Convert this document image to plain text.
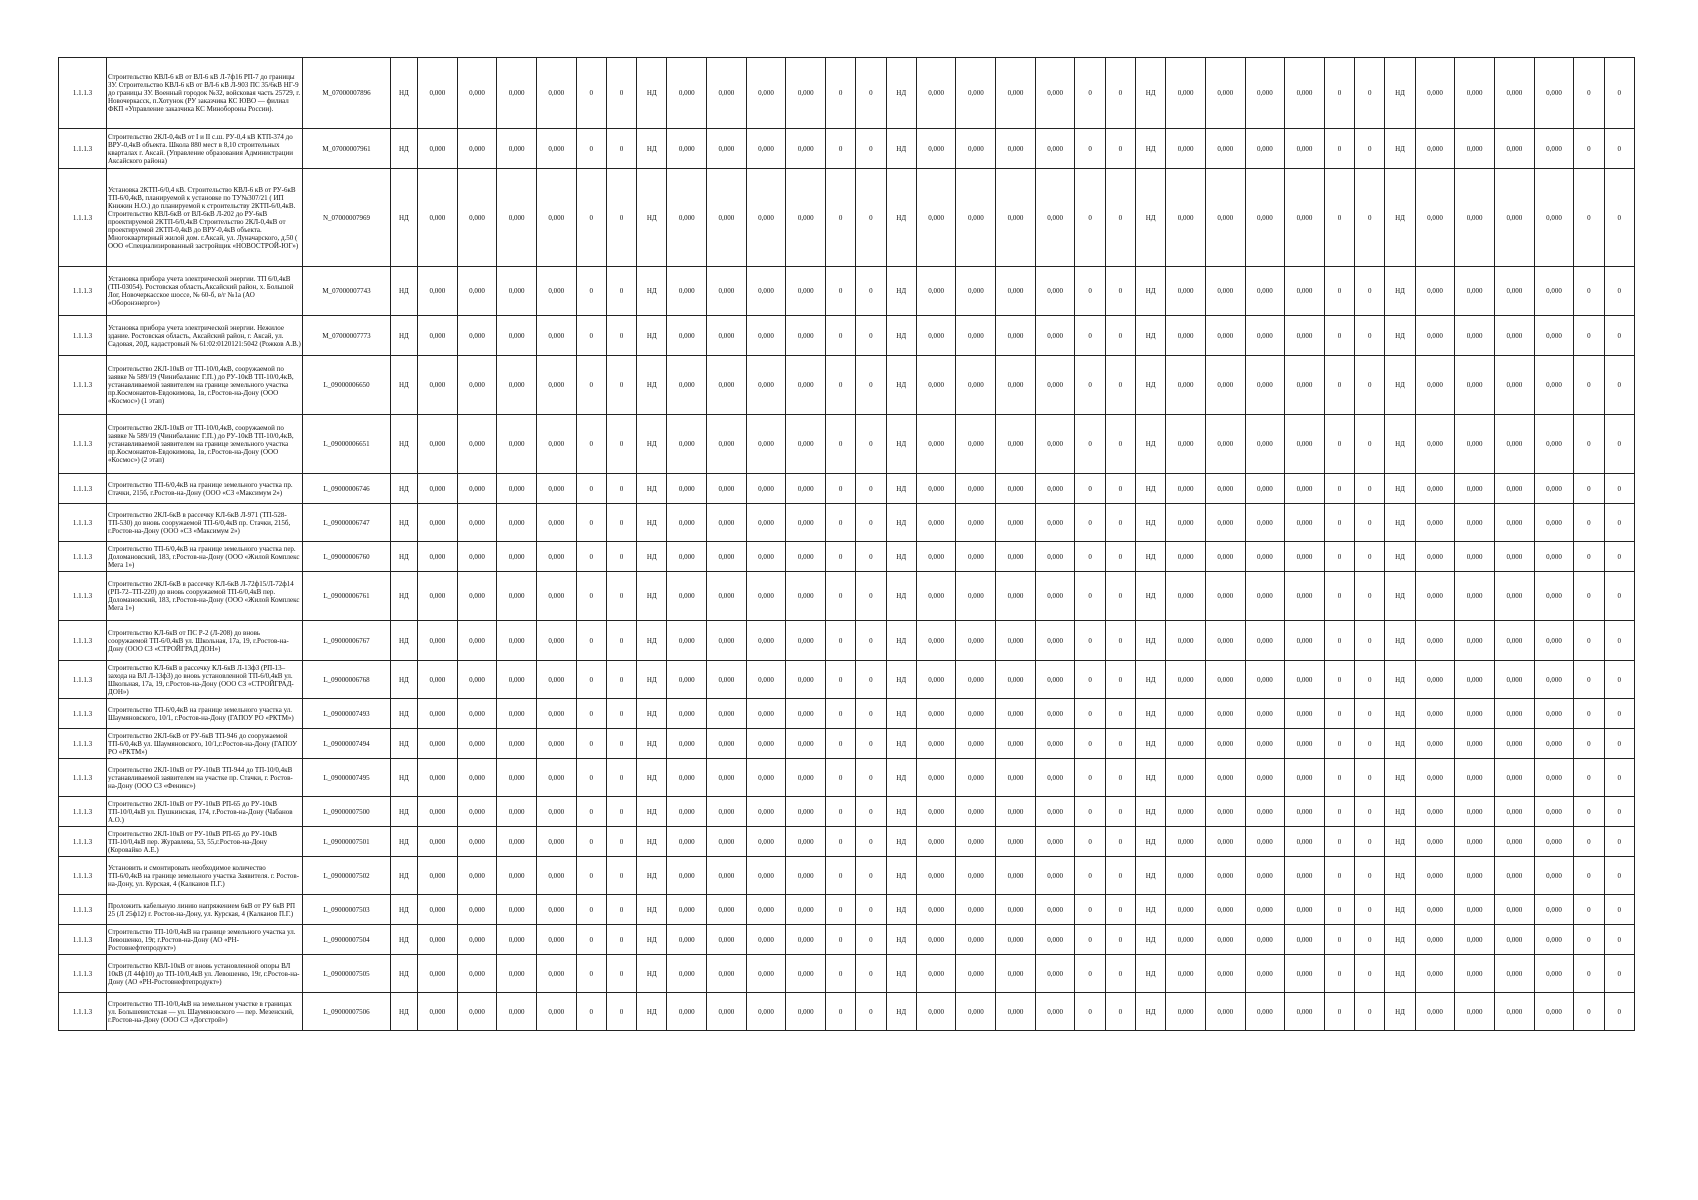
1.1.1.3	Строительство КВЛ-6 кВ от ВЛ-6 кВ Л-7ф16 РП-7 до границы ЗУ. Строительство КВЛ-6 кВ от ВЛ-6 кВ Л-903 ПС 35/6кВ НГ-9 до границы ЗУ. Военный городок №32, войсковая часть 25729, г. Новочеркасск, п.Хотунок (РУ заказчика КС ЮВО — филиал ФКП «Управление заказчика КС Минобороны России).	M_07000007896	НД	0,000	0,000	0,000	0,000	0	0	НД	0,000	0,000	0,000	0,000	0	0	НД	0,000	0,000	0,000	0,000	0	0	НД	0,000	0,000	0,000	0,000	0	0	НД	0,000	0,000	0,000	0,000	0	0
1.1.1.3	Строительство 2КЛ-0,4кВ от I и II с.ш. РУ-0,4 кВ КТП-374 до ВРУ-0,4кВ объекта. Школа 880 мест в 8,10 строительных кварталах г. Аксай. (Управление образования Администрации Аксайского района)	M_07000007961	НД	0,000	0,000	0,000	0,000	0	0	НД	0,000	0,000	0,000	0,000	0	0	НД	0,000	0,000	0,000	0,000	0	0	НД	0,000	0,000	0,000	0,000	0	0	НД	0,000	0,000	0,000	0,000	0	0
1.1.1.3	Установка 2КТП-6/0,4 кВ. Строительство КВЛ-6 кВ от РУ-6кВ ТП-6/0,4кВ, планируемой к установке по ТУ№307/21 ( ИП Книжин Н.О.) до планируемой к строительству 2КТП-6/0,4кВ. Строительство КВЛ-6кВ от ВЛ-6кВ Л-202 до РУ-6кВ проектируемой 2КТП-6/0,4кВ Строительство 2КЛ-0,4кВ от проектируемой 2КТП-0,4кВ до ВРУ-0,4кВ объекта. Многоквартирный жилой дом. г.Аксай, ул. Луначарского, д.50 ( ООО «Специализированный застройщик «НОВОСТРОЙ-ЮГ»)	N_07000007969	НД	0,000	0,000	0,000	0,000	0	0	НД	0,000	0,000	0,000	0,000	0	0	НД	0,000	0,000	0,000	0,000	0	0	НД	0,000	0,000	0,000	0,000	0	0	НД	0,000	0,000	0,000	0,000	0	0
1.1.1.3	Установка прибора учета электрической энергии. ТП 6/0,4кВ (ТП-03054). Ростовская область,Аксайский район, х. Большой Лог, Новочеркасское шоссе, № 60-б, в/г №1а (АО «Оборонэнерго»)	M_07000007743	НД	0,000	0,000	0,000	0,000	0	0	НД	0,000	0,000	0,000	0,000	0	0	НД	0,000	0,000	0,000	0,000	0	0	НД	0,000	0,000	0,000	0,000	0	0	НД	0,000	0,000	0,000	0,000	0	0
1.1.1.3	Установка прибора учета электрической энергии. Нежилое здание. Ростовская область, Аксайский район, г. Аксай, ул. Садовая, 20Д, кадастровый № 61:02:0120121:5042 (Рожков А.В.)	M_07000007773	НД	0,000	0,000	0,000	0,000	0	0	НД	0,000	0,000	0,000	0,000	0	0	НД	0,000	0,000	0,000	0,000	0	0	НД	0,000	0,000	0,000	0,000	0	0	НД	0,000	0,000	0,000	0,000	0	0
1.1.1.3	Строительство 2КЛ-10кВ от ТП-10/0,4кВ, сооружаемой по заявке № 589/19 (Чинибаланис Г.П.) до РУ-10кВ ТП-10/0,4кВ, устанавливаемой заявителем на границе земельного участка пр.Космонавтов-Евдокимова, 1в, г.Ростов-на-Дону (ООО «Космос») (1 этап)	L_09000006650	НД	0,000	0,000	0,000	0,000	0	0	НД	0,000	0,000	0,000	0,000	0	0	НД	0,000	0,000	0,000	0,000	0	0	НД	0,000	0,000	0,000	0,000	0	0	НД	0,000	0,000	0,000	0,000	0	0
1.1.1.3	Строительство 2КЛ-10кВ от ТП-10/0,4кВ, сооружаемой по заявке № 589/19 (Чинибаланис Г.П.) до РУ-10кВ ТП-10/0,4кВ, устанавливаемой заявителем на границе земельного участка пр.Космонавтов-Евдокимова, 1в, г.Ростов-на-Дону (ООО «Космос») (2 этап)	L_09000006651	НД	0,000	0,000	0,000	0,000	0	0	НД	0,000	0,000	0,000	0,000	0	0	НД	0,000	0,000	0,000	0,000	0	0	НД	0,000	0,000	0,000	0,000	0	0	НД	0,000	0,000	0,000	0,000	0	0
1.1.1.3	Строительство ТП-6/0,4кВ на границе земельного участка пр. Стачки, 215б, г.Ростов-на-Дону (ООО «СЗ «Максимум 2»)	L_09000006746	НД	0,000	0,000	0,000	0,000	0	0	НД	0,000	0,000	0,000	0,000	0	0	НД	0,000	0,000	0,000	0,000	0	0	НД	0,000	0,000	0,000	0,000	0	0	НД	0,000	0,000	0,000	0,000	0	0
1.1.1.3	Строительство 2КЛ-6кВ в рассечку КЛ-6кВ Л-971 (ТП-528-ТП-530) до вновь сооружаемой ТП-6/0,4кВ пр. Стачки, 215б, г.Ростов-на-Дону (ООО «СЗ «Максимум 2»)	L_09000006747	НД	0,000	0,000	0,000	0,000	0	0	НД	0,000	0,000	0,000	0,000	0	0	НД	0,000	0,000	0,000	0,000	0	0	НД	0,000	0,000	0,000	0,000	0	0	НД	0,000	0,000	0,000	0,000	0	0
1.1.1.3	Строительство ТП-6/0,4кВ на границе земельного участка пер. Доломановский, 183, г.Ростов-на-Дону (ООО «Жилой Комплекс Мега 1»)	L_09000006760	НД	0,000	0,000	0,000	0,000	0	0	НД	0,000	0,000	0,000	0,000	0	0	НД	0,000	0,000	0,000	0,000	0	0	НД	0,000	0,000	0,000	0,000	0	0	НД	0,000	0,000	0,000	0,000	0	0
1.1.1.3	Строительство 2КЛ-6кВ в рассечку КЛ-6кВ Л-72ф15/Л-72ф14 (РП-72–ТП-220) до вновь сооружаемой ТП-6/0,4кВ пер. Доломановский, 183, г.Ростов-на-Дону (ООО «Жилой Комплекс Мега 1»)	L_09000006761	НД	0,000	0,000	0,000	0,000	0	0	НД	0,000	0,000	0,000	0,000	0	0	НД	0,000	0,000	0,000	0,000	0	0	НД	0,000	0,000	0,000	0,000	0	0	НД	0,000	0,000	0,000	0,000	0	0
1.1.1.3	Строительство КЛ-6кВ от ПС Р-2 (Л-208) до вновь сооружаемой ТП-6/0,4кВ ул. Школьная, 17а, 19, г.Ростов-на-Дону (ООО СЗ «СТРОЙГРАД ДОН»)	L_09000006767	НД	0,000	0,000	0,000	0,000	0	0	НД	0,000	0,000	0,000	0,000	0	0	НД	0,000	0,000	0,000	0,000	0	0	НД	0,000	0,000	0,000	0,000	0	0	НД	0,000	0,000	0,000	0,000	0	0
1.1.1.3	Строительство КЛ-6кВ в рассечку КЛ-6кВ Л-13ф3 (РП-13–захода на ВЛ Л-13ф3) до вновь установленной ТП-6/0,4кВ ул. Школьная, 17а, 19, г.Ростов-на-Дону (ООО СЗ «СТРОЙГРАД-ДОН»)	L_09000006768	НД	0,000	0,000	0,000	0,000	0	0	НД	0,000	0,000	0,000	0,000	0	0	НД	0,000	0,000	0,000	0,000	0	0	НД	0,000	0,000	0,000	0,000	0	0	НД	0,000	0,000	0,000	0,000	0	0
1.1.1.3	Строительство ТП-6/0,4кВ на границе земельного участка ул. Шаумяновского, 10/1, г.Ростов-на-Дону (ГАПОУ РО «РКТМ»)	L_09000007493	НД	0,000	0,000	0,000	0,000	0	0	НД	0,000	0,000	0,000	0,000	0	0	НД	0,000	0,000	0,000	0,000	0	0	НД	0,000	0,000	0,000	0,000	0	0	НД	0,000	0,000	0,000	0,000	0	0
1.1.1.3	Строительство 2КЛ-6кВ от РУ-6кВ ТП-946 до сооружаемой ТП-6/0,4кВ ул. Шаумяновского, 10/1,г.Ростов-на-Дону (ГАПОУ РО «РКТМ»)	L_09000007494	НД	0,000	0,000	0,000	0,000	0	0	НД	0,000	0,000	0,000	0,000	0	0	НД	0,000	0,000	0,000	0,000	0	0	НД	0,000	0,000	0,000	0,000	0	0	НД	0,000	0,000	0,000	0,000	0	0
1.1.1.3	Строительство 2КЛ-10кВ от РУ-10кВ ТП-944 до ТП-10/0,4кВ устанавливаемой заявителем на участке пр. Стачки, г. Ростов-на-Дону (ООО СЗ «Феникс»)	L_09000007495	НД	0,000	0,000	0,000	0,000	0	0	НД	0,000	0,000	0,000	0,000	0	0	НД	0,000	0,000	0,000	0,000	0	0	НД	0,000	0,000	0,000	0,000	0	0	НД	0,000	0,000	0,000	0,000	0	0
1.1.1.3	Строительство 2КЛ-10кВ от РУ-10кВ РП-65 до РУ-10кВ ТП-10/0,4кВ ул. Пушкинская, 174, г.Ростов-на-Дону (Чабанов А.О.)	L_09000007500	НД	0,000	0,000	0,000	0,000	0	0	НД	0,000	0,000	0,000	0,000	0	0	НД	0,000	0,000	0,000	0,000	0	0	НД	0,000	0,000	0,000	0,000	0	0	НД	0,000	0,000	0,000	0,000	0	0
1.1.1.3	Строительство 2КЛ-10кВ от РУ-10кВ РП-65 до РУ-10кВ ТП-10/0,4кВ пер. Журавлева, 53, 55,г.Ростов-на-Дону (Коровайко А.Е.)	L_09000007501	НД	0,000	0,000	0,000	0,000	0	0	НД	0,000	0,000	0,000	0,000	0	0	НД	0,000	0,000	0,000	0,000	0	0	НД	0,000	0,000	0,000	0,000	0	0	НД	0,000	0,000	0,000	0,000	0	0
1.1.1.3	Установить и смонтировать необходимое количество ТП-6/0,4кВ на границе земельного участка Заявителя. г. Ростов-на-Дону, ул. Курская, 4 (Калкаиов П.Г.)	L_09000007502	НД	0,000	0,000	0,000	0,000	0	0	НД	0,000	0,000	0,000	0,000	0	0	НД	0,000	0,000	0,000	0,000	0	0	НД	0,000	0,000	0,000	0,000	0	0	НД	0,000	0,000	0,000	0,000	0	0
1.1.1.3	Проложить кабельную линию напряжением 6кВ от РУ 6кВ РП 25 (Л 25ф12) г. Ростов-на-Дону, ул. Курская, 4 (Калкаиов П.Г.)	L_09000007503	НД	0,000	0,000	0,000	0,000	0	0	НД	0,000	0,000	0,000	0,000	0	0	НД	0,000	0,000	0,000	0,000	0	0	НД	0,000	0,000	0,000	0,000	0	0	НД	0,000	0,000	0,000	0,000	0	0
1.1.1.3	Строительство ТП-10/0,4кВ на границе земельного участка ул. Левошенко, 19г, г.Ростов-на-Дону (АО «РН-Ростовнефтепродукт»)	L_09000007504	НД	0,000	0,000	0,000	0,000	0	0	НД	0,000	0,000	0,000	0,000	0	0	НД	0,000	0,000	0,000	0,000	0	0	НД	0,000	0,000	0,000	0,000	0	0	НД	0,000	0,000	0,000	0,000	0	0
1.1.1.3	Строительство КВЛ-10кВ от вновь установленной опоры ВЛ 10кВ (Л 44ф10) до ТП-10/0,4кВ ул. Левошенко, 19г, г.Ростов-на-Дону (АО «РН-Ростовнефтепродукт»)	L_09000007505	НД	0,000	0,000	0,000	0,000	0	0	НД	0,000	0,000	0,000	0,000	0	0	НД	0,000	0,000	0,000	0,000	0	0	НД	0,000	0,000	0,000	0,000	0	0	НД	0,000	0,000	0,000	0,000	0	0
1.1.1.3	Строительство ТП-10/0,4кВ на земельном участке в границах ул. Большевистская — ул. Шаумяновского — пер. Мезенский, г.Ростов-на-Дону (ООО СЗ «Догстрой»)	L_09000007506	НД	0,000	0,000	0,000	0,000	0	0	НД	0,000	0,000	0,000	0,000	0	0	НД	0,000	0,000	0,000	0,000	0	0	НД	0,000	0,000	0,000	0,000	0	0	НД	0,000	0,000	0,000	0,000	0	0
